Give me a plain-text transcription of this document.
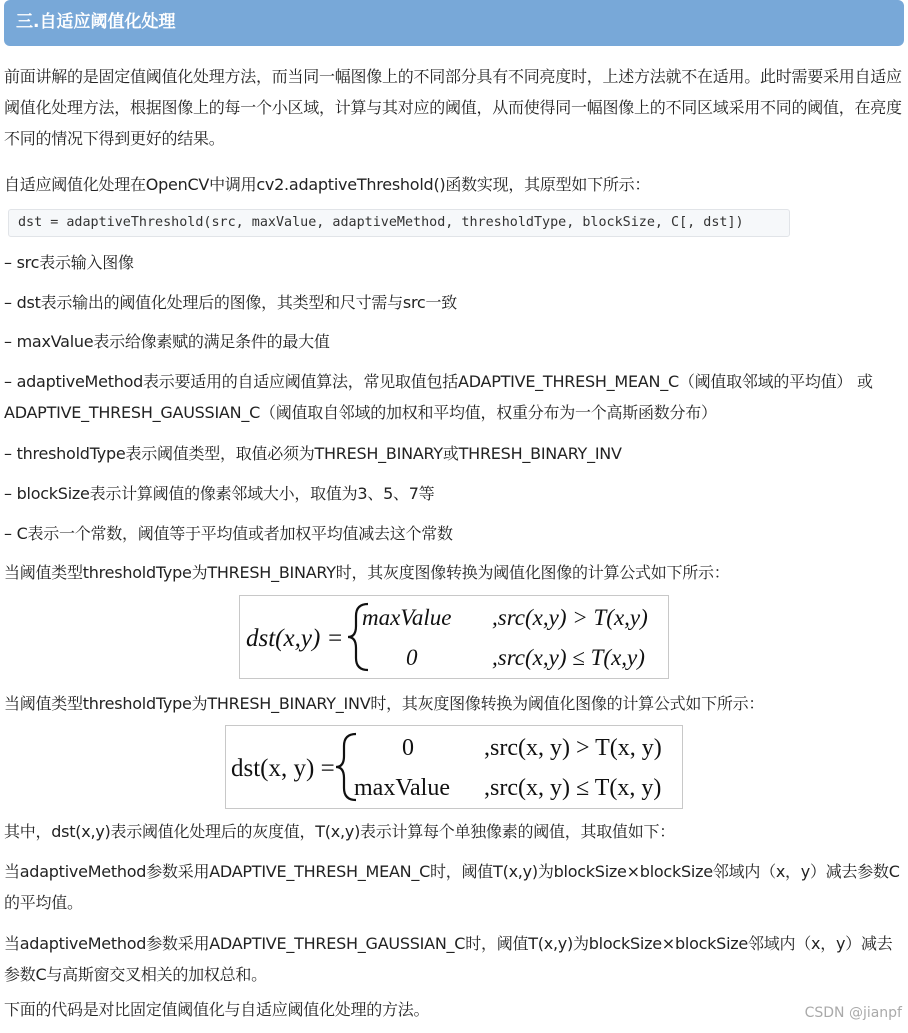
三.自适应阈值化处理

前面讲解的是固定值阈值化处理方法，而当同一幅图像上的不同部分具有不同亮度时，上述方法就不在适用。此时需要采用自适应阈值化处理方法，根据图像上的每一个小区域，计算与其对应的阈值，从而使得同一幅图像上的不同区域采用不同的阈值，在亮度不同的情况下得到更好的结果。

自适应阈值化处理在OpenCV中调用cv2.adaptiveThreshold()函数实现，其原型如下所示：

dst = adaptiveThreshold(src, maxValue, adaptiveMethod, thresholdType, blockSize, C[, dst])

– src表示输入图像

– dst表示输出的阈值化处理后的图像，其类型和尺寸需与src一致

– maxValue表示给像素赋的满足条件的最大值

– adaptiveMethod表示要适用的自适应阈值算法，常见取值包括ADAPTIVE_THRESH_MEAN_C（阈值取邻域的平均值） 或 ADAPTIVE_THRESH_GAUSSIAN_C（阈值取自邻域的加权和平均值，权重分布为一个高斯函数分布）

– thresholdType表示阈值类型，取值必须为THRESH_BINARY或THRESH_BINARY_INV

– blockSize表示计算阈值的像素邻域大小，取值为3、5、7等

– C表示一个常数，阈值等于平均值或者加权平均值减去这个常数

当阈值类型thresholdType为THRESH_BINARY时，其灰度图像转换为阈值化图像的计算公式如下所示：

dst(x,y) =
maxValue ,src(x,y) > T(x,y)
0	,src(x,y) ≤ T(x,y)

当阈值类型thresholdType为THRESH_BINARY_INV时，其灰度图像转换为阈值化图像的计算公式如下所示：

dst(x, y) =
0	,src(x, y) > T(x, y)
maxValue ,src(x, y) ≤ T(x, y)

其中，dst(x,y)表示阈值化处理后的灰度值，T(x,y)表示计算每个单独像素的阈值，其取值如下：

当adaptiveMethod参数采用ADAPTIVE_THRESH_MEAN_C时，阈值T(x,y)为blockSize×blockSize邻域内（x，y）减去参数C的平均值。

当adaptiveMethod参数采用ADAPTIVE_THRESH_GAUSSIAN_C时，阈值T(x,y)为blockSize×blockSize邻域内（x，y）减去参数C与高斯窗交叉相关的加权总和。

下面的代码是对比固定值阈值化与自适应阈值化处理的方法。	CSDN @jianpf
